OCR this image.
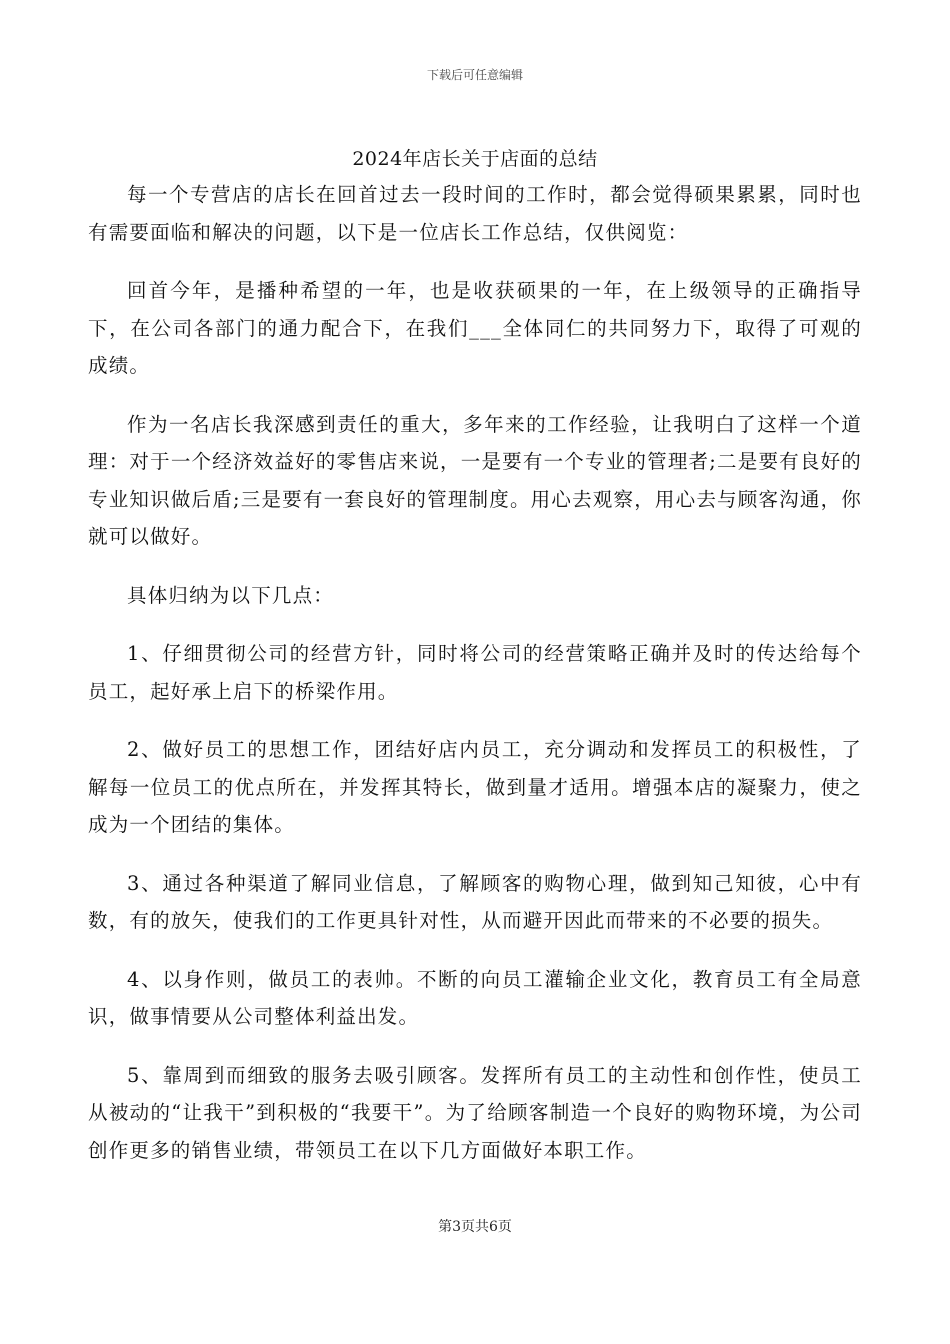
下载后可任意编辑
2024年店长关于店面的总结

每一个专营店的店长在回首过去一段时间的工作时，都会觉得硕果累累，同时也有需要面临和解决的问题，以下是一位店长工作总结，仅供阅览：

回首今年，是播种希望的一年，也是收获硕果的一年，在上级领导的正确指导下，在公司各部门的通力配合下，在我们___全体同仁的共同努力下，取得了可观的成绩。

作为一名店长我深感到责任的重大，多年来的工作经验，让我明白了这样一个道理：对于一个经济效益好的零售店来说，一是要有一个专业的管理者;二是要有良好的专业知识做后盾;三是要有一套良好的管理制度。用心去观察，用心去与顾客沟通，你就可以做好。

具体归纳为以下几点：

1、仔细贯彻公司的经营方针，同时将公司的经营策略正确并及时的传达给每个员工，起好承上启下的桥梁作用。

2、做好员工的思想工作，团结好店内员工，充分调动和发挥员工的积极性，了解每一位员工的优点所在，并发挥其特长，做到量才适用。增强本店的凝聚力，使之成为一个团结的集体。

3、通过各种渠道了解同业信息，了解顾客的购物心理，做到知己知彼，心中有数，有的放矢，使我们的工作更具针对性，从而避开因此而带来的不必要的损失。

4、以身作则，做员工的表帅。不断的向员工灌输企业文化，教育员工有全局意识，做事情要从公司整体利益出发。

5、靠周到而细致的服务去吸引顾客。发挥所有员工的主动性和创作性，使员工从被动的“让我干”到积极的“我要干”。为了给顾客制造一个良好的购物环境，为公司创作更多的销售业绩，带领员工在以下几方面做好本职工作。

第3页共6页
